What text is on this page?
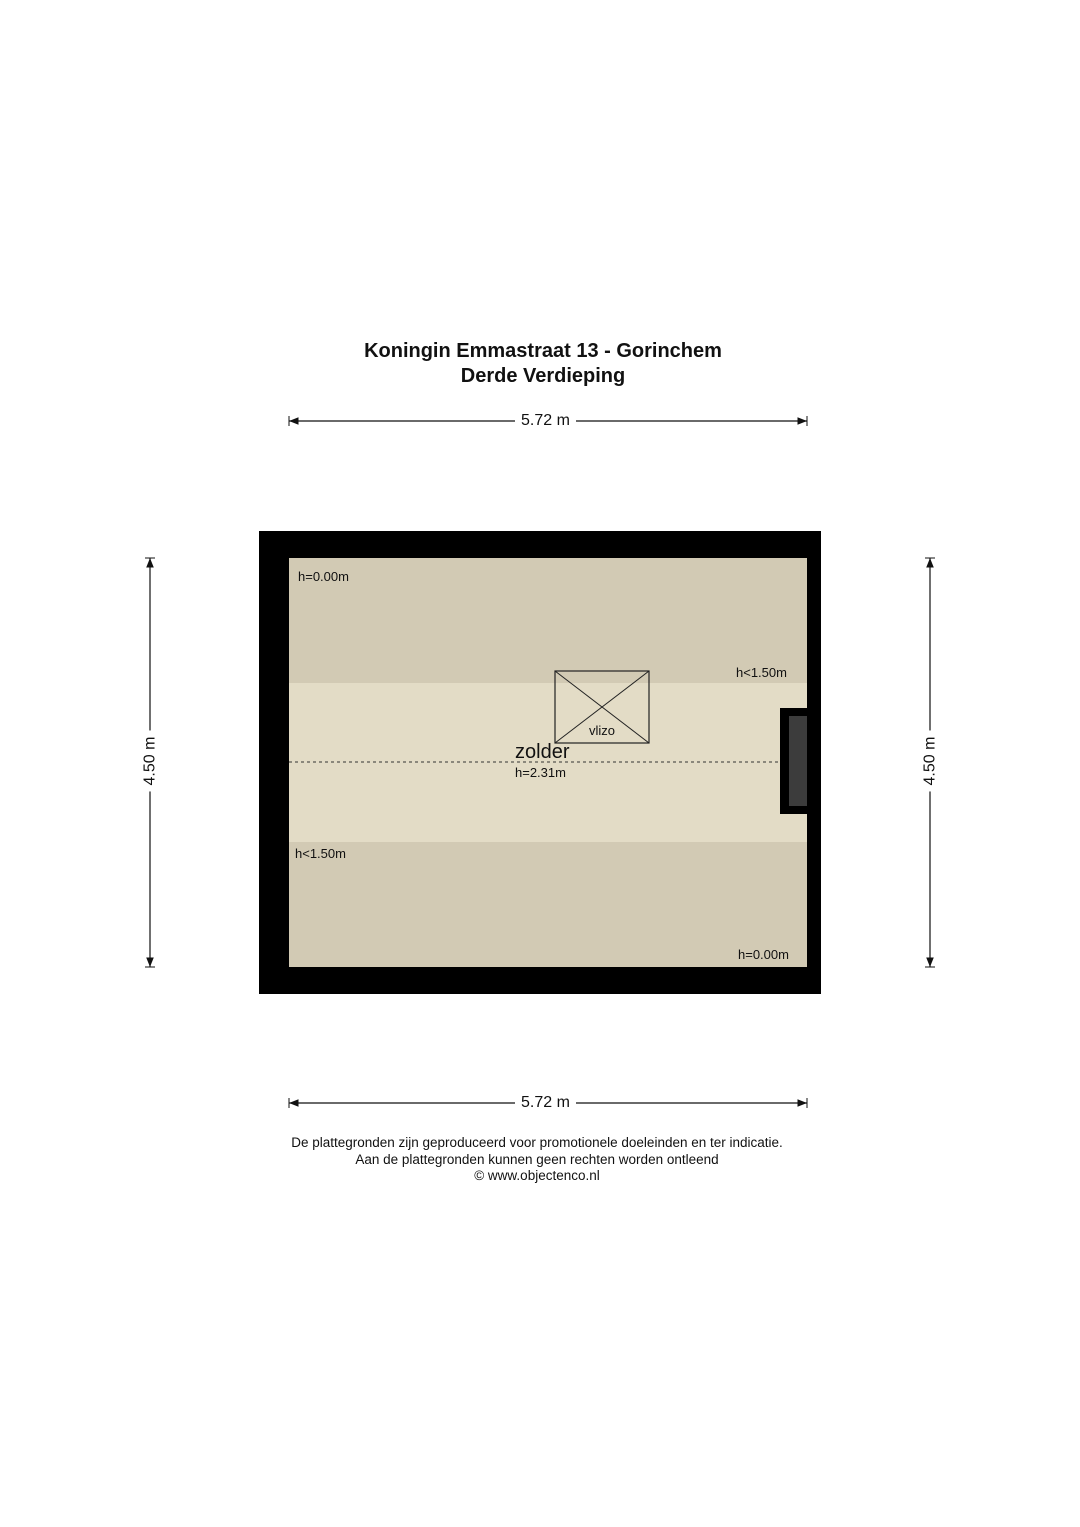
Koningin Emmastraat 13 - Gorinchem
Derde Verdieping
5.72 m
5.72 m
4.50 m	4.50 m
h=0.00m
h<1.50m
h<1.50m
h=0.00m
vlizo
zolder
h=2.31m
De plattegronden zijn geproduceerd voor promotionele doeleinden en ter indicatie.
Aan de plattegronden kunnen geen rechten worden ontleend
© www.objectenco.nl
